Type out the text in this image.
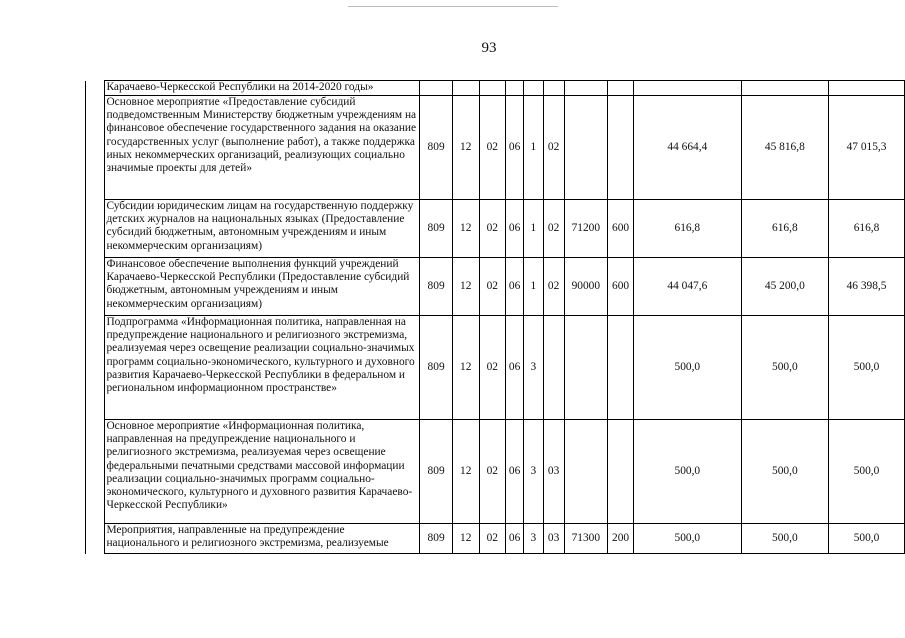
93
	Карачаево-Черкесской Республики на 2014-2020 годы»											
	Основное мероприятие «Предоставление субсидий подведомственным Министерству бюджетным учреждениям на финансовое обеспечение государственного задания на оказание государственных услуг (выполнение работ), а также поддержка иных некоммерческих организаций, реализующих социально значимые проекты для детей»	809	12	02	06	1	02			44 664,4	45 816,8	47 015,3
	Субсидии юридическим лицам на государственную поддержку детских журналов на национальных языках (Предоставление субсидий бюджетным, автономным учреждениям и иным некоммерческим организациям)	809	12	02	06	1	02	71200	600	616,8	616,8	616,8
	Финансовое обеспечение выполнения функций учреждений Карачаево-Черкесской Республики (Предоставление субсидий бюджетным, автономным учреждениям и иным некоммерческим организациям)	809	12	02	06	1	02	90000	600	44 047,6	45 200,0	46 398,5
	Подпрограмма «Информационная политика, направленная на предупреждение национального и религиозного экстремизма, реализуемая через освещение реализации социально-значимых программ социально-экономического, культурного и духовного развития Карачаево-Черкесской Республики в федеральном и региональном информационном пространстве»	809	12	02	06	3				500,0	500,0	500,0
	Основное мероприятие «Информационная политика, направленная на предупреждение национального и религиозного экстремизма, реализуемая через освещение федеральными печатными средствами массовой информации реализации социально-значимых программ социально-экономического, культурного и духовного развития Карачаево-Черкесской Республики»	809	12	02	06	3	03			500,0	500,0	500,0
	Мероприятия, направленные на предупреждение национального и религиозного экстремизма, реализуемые	809	12	02	06	3	03	71300	200	500,0	500,0	500,0
